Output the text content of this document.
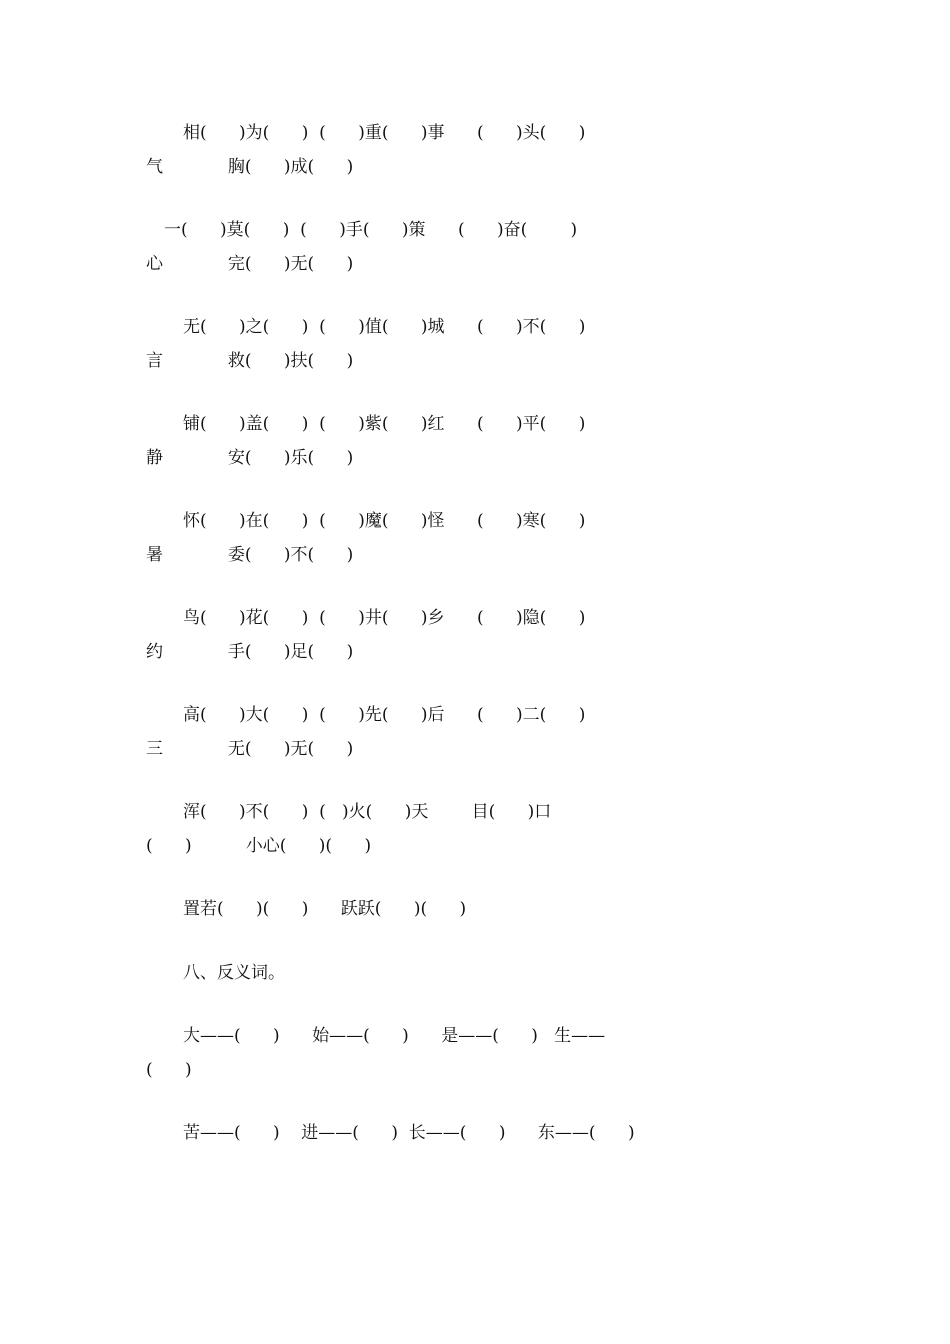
相(      )为(      )  (      )重(      )事      (      )头(      )
气            胸(      )成(      )
一(      )莫(      )  (      )手(      )策      (      )奋(        )
心            完(      )无(      )
无(      )之(      )  (      )值(      )城      (      )不(      )
言            救(      )扶(      )
铺(      )盖(      )  (      )紫(      )红      (      )平(      )
静            安(      )乐(      )
怀(      )在(      )  (      )魔(      )怪      (      )寒(      )
暑            委(      )不(      )
鸟(      )花(      )  (      )井(      )乡      (      )隐(      )
约            手(      )足(      )
高(      )大(      )  (      )先(      )后      (      )二(      )
三            无(      )无(      )
浑(      )不(      )  (   )火(      )天        目(      )口
(      )          小心(      )(      )
置若(      )(      )      跃跃(      )(      )
八、反义词。
大——(      )      始——(      )      是——(      )   生——
(      )
苦——(      )    进——(      )  长——(      )      东——(      )
